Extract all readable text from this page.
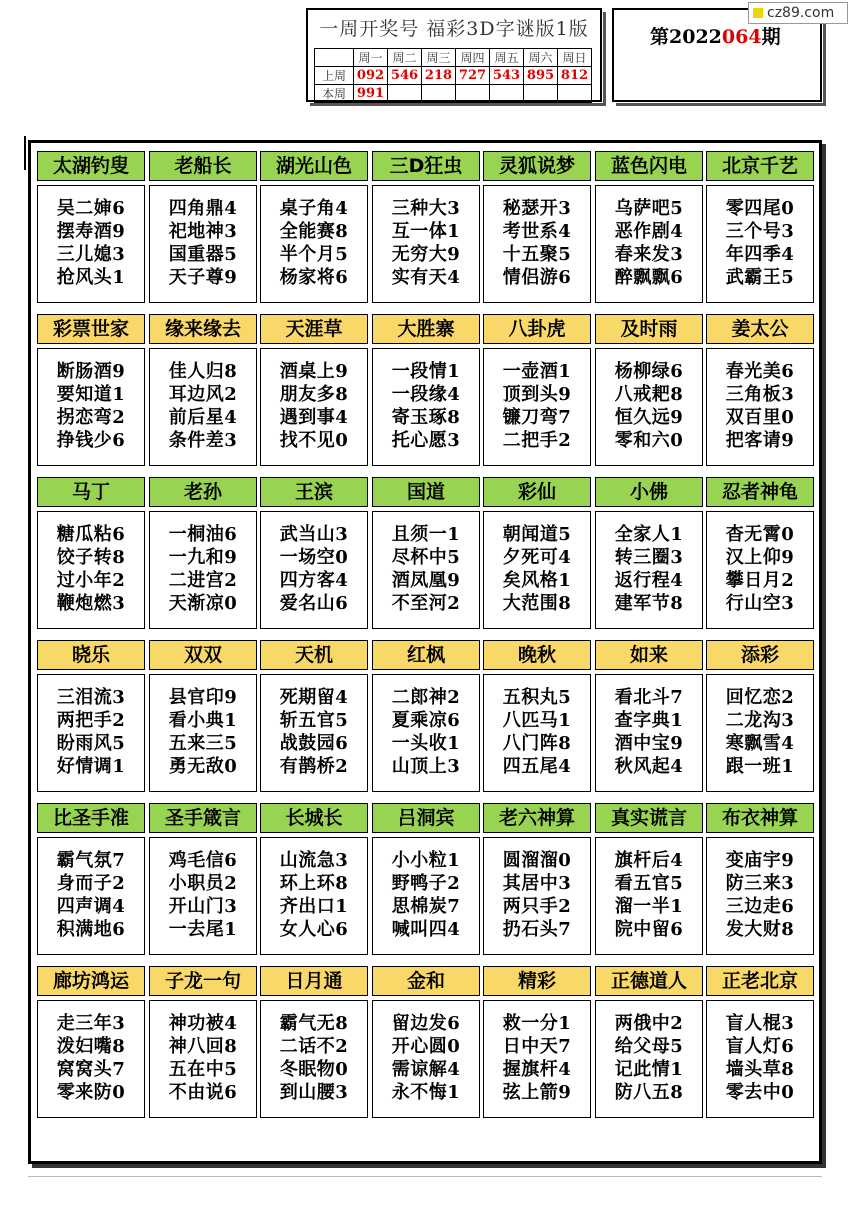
一周开奖号 福彩3D字谜版1版
	周一	周二	周三	周四	周五	周六	周日
上周	092	546	218	727	543	895	812
本周	991						
第2022064期
cz89.com
太湖钓叟
吴二婶6
摆寿酒9
三儿媳3
抢风头1
老船长
四角鼎4
祀地神3
国重器5
天子尊9
湖光山色
桌子角4
全能赛8
半个月5
杨家将6
三D狂虫
三种大3
互一体1
无穷大9
实有天4
灵狐说梦
秘瑟开3
考世系4
十五聚5
情侣游6
蓝色闪电
乌萨吧5
恶作剧4
春来发3
醉飘飘6
北京千艺
零四尾0
三个号3
年四季4
武霸王5
彩票世家
断肠酒9
要知道1
拐恋弯2
挣钱少6
缘来缘去
佳人归8
耳边风2
前后星4
条件差3
天涯草
酒桌上9
朋友多8
遇到事4
找不见0
大胜寨
一段情1
一段缘4
寄玉琢8
托心愿3
八卦虎
一壶酒1
顶到头9
镰刀弯7
二把手2
及时雨
杨柳绿6
八戒耙8
恒久远9
零和六0
姜太公
春光美6
三角板3
双百里0
把客请9
马丁
糖瓜粘6
饺子转8
过小年2
鞭炮燃3
老孙
一桐油6
一九和9
二进宫2
天渐凉0
王滨
武当山3
一场空0
四方客4
爱名山6
国道
且须一1
尽杯中5
酒凤凰9
不至河2
彩仙
朝闻道5
夕死可4
矣风格1
大范围8
小佛
全家人1
转三圈3
返行程4
建军节8
忍者神龟
杳无霄0
汉上仰9
攀日月2
行山空3
晓乐
三泪流3
两把手2
盼雨风5
好情调1
双双
县官印9
看小典1
五来三5
勇无敌0
天机
死期留4
斩五官5
战鼓园6
有鹊桥2
红枫
二郎神2
夏乘凉6
一头收1
山顶上3
晚秋
五积丸5
八匹马1
八门阵8
四五尾4
如来
看北斗7
查字典1
酒中宝9
秋风起4
添彩
回忆恋2
二龙沟3
寒飘雪4
跟一班1
比圣手准
霸气氛7
身而子2
四声调4
积满地6
圣手箴言
鸡毛信6
小职员2
开山门3
一去尾1
长城长
山流急3
环上环8
齐出口1
女人心6
吕洞宾
小小粒1
野鸭子2
思棉炭7
喊叫四4
老六神算
圆溜溜0
其居中3
两只手2
扔石头7
真实谎言
旗杆后4
看五官5
溜一半1
院中留6
布衣神算
变庙宇9
防三来3
三边走6
发大财8
廊坊鸿运
走三年3
泼妇嘴8
窝窝头7
零来防0
子龙一句
神功被4
神八回8
五在中5
不由说6
日月通
霸气无8
二话不2
冬眠物0
到山腰3
金和
留边发6
开心圆0
需谅解4
永不悔1
精彩
救一分1
日中天7
握旗杆4
弦上箭9
正德道人
两俄中2
给父母5
记此情1
防八五8
正老北京
盲人棍3
盲人灯6
墙头草8
零去中0
